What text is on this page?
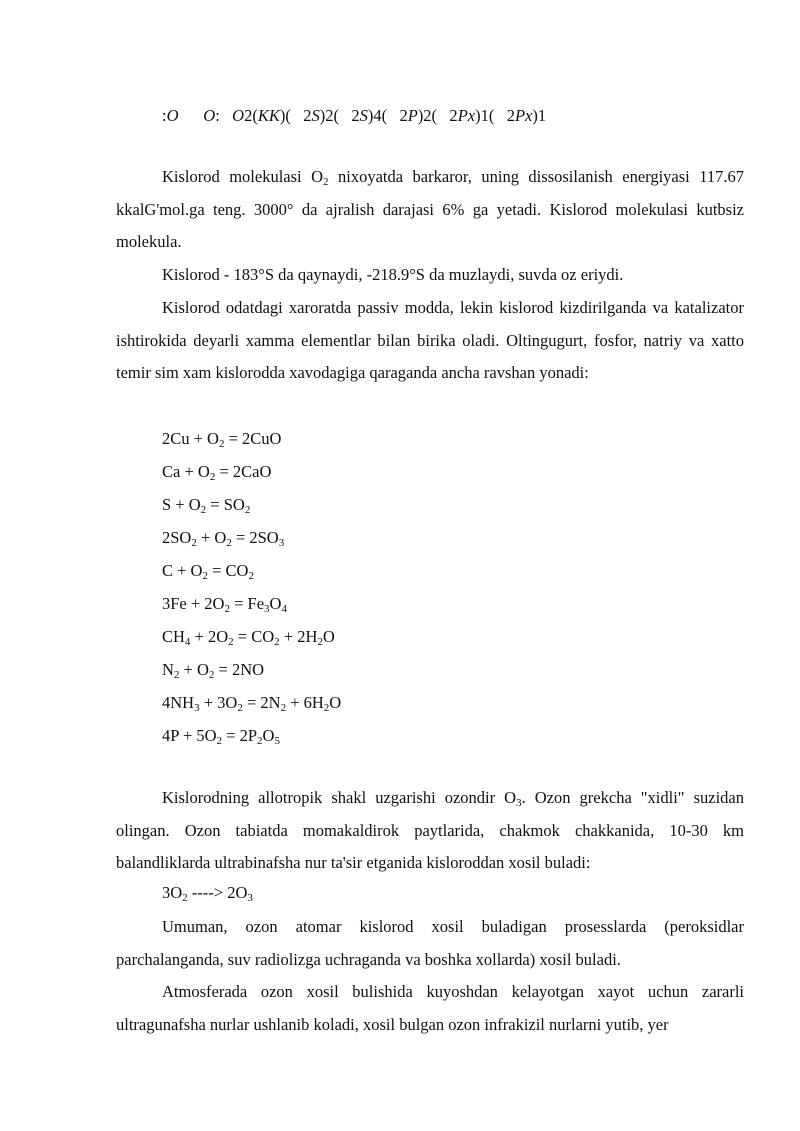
:O O:   O2(KK)(   2S)2(   2S)4(   2P)2(   2Px)1(   2Px)1

Kislorod molekulasi $O_2$ nixoyatda barkaror, uning dissosilanish energiyasi 117.67 kkalG'mol.ga teng. 3000° da ajralish darajasi 6% ga yetadi. Kislorod molekulasi kutbsiz molekula.

Kislorod - 183°S da qaynaydi, -218.9°S da muzlaydi, suvda oz eriydi.

Kislorod odatdagi xaroratda passiv modda, lekin kislorod kizdirilganda va katalizator ishtirokida deyarli xamma elementlar bilan birika oladi. Oltingugurt, fosfor, natriy va xatto temir sim xam kislorodda xavodagiga qaraganda ancha ravshan yonadi:

$2Cu + O_2 = 2CuO$

$Ca + O_2 = 2CaO$

$S + O_2 = SO_2$

$2SO_2 + O_2 = 2SO_3$

$C + O_2 = CO_2$

$3Fe + 2O_2 = Fe_3O_4$

$CH_4 + 2O_2 = CO_2 + 2H_2O$

$N_2 + O_2 = 2NO$

$4NH_3 + 3O_2 = 2N_2 + 6H_2O$

$4P + 5O_2 = 2P_2O_5$

Kislorodning allotropik shakl uzgarishi ozondir $O_3$. Ozon grekcha "xidli" suzidan olingan. Ozon tabiatda momakaldirok paytlarida, chakmok chakkanida, 10-30 km balandliklarda ultrabinafsha nur ta'sir etganida kisloroddan xosil buladi:

$3O_2$ ----> $2O_3$

Umuman, ozon atomar kislorod xosil buladigan prosesslarda (peroksidlar parchalanganda, suv radiolizga uchraganda va boshka xollarda) xosil buladi.

Atmosferada ozon xosil bulishida kuyoshdan kelayotgan xayot uchun zararli ultragunafsha nurlar ushlanib koladi, xosil bulgan ozon infrakizil nurlarni yutib, yer
